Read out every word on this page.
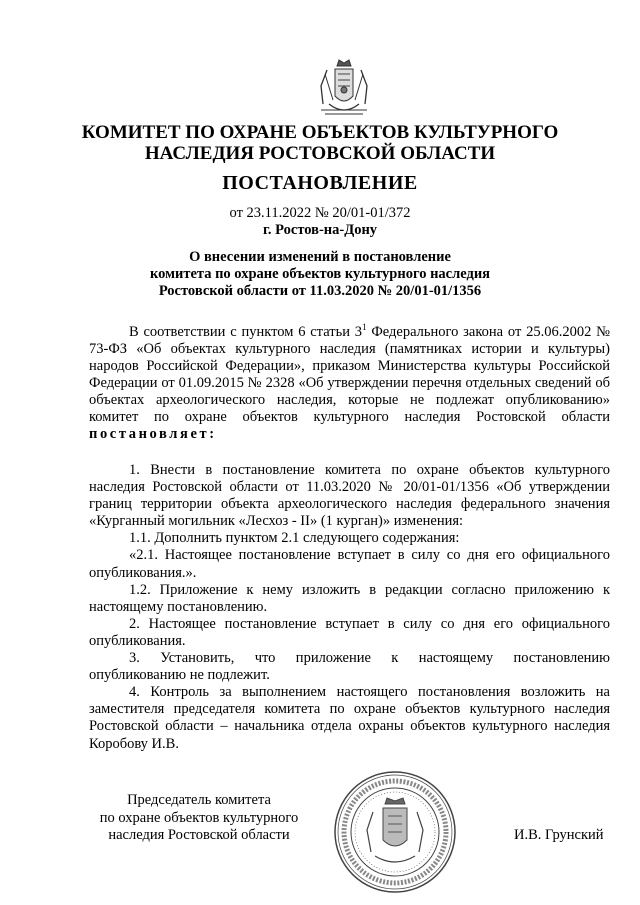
КОМИТЕТ ПО ОХРАНЕ ОБЪЕКТОВ КУЛЬТУРНОГО
НАСЛЕДИЯ РОСТОВСКОЙ ОБЛАСТИ
ПОСТАНОВЛЕНИЕ
от 23.11.2022 № 20/01-01/372
г. Ростов-на-Дону
О внесении изменений в постановление
комитета по охране объектов культурного наследия
Ростовской области от 11.03.2020 № 20/01-01/1356
В соответствии с пунктом 6 статьи $3^1$ Федерального закона от 25.06.2002 № 73-ФЗ «Об объектах культурного наследия (памятниках истории и культуры) народов Российской Федерации», приказом Министерства культуры Российской Федерации от 01.09.2015 № 2328 «Об утверждении перечня отдельных сведений об объектах археологического наследия, которые не подлежат опубликованию» комитет по охране объектов культурного наследия Ростовской области постановляет:

1. Внести в постановление комитета по охране объектов культурного наследия Ростовской области от 11.03.2020 № 20/01-01/1356 «Об утверждении границ территории объекта археологического наследия федерального значения «Курганный могильник «Лесхоз - II» (1 курган)» изменения:

1.1. Дополнить пунктом 2.1 следующего содержания:

«2.1. Настоящее постановление вступает в силу со дня его официального опубликования.».

1.2. Приложение к нему изложить в редакции согласно приложению к настоящему постановлению.

2. Настоящее постановление вступает в силу со дня его официального опубликования.

3. Установить, что приложение к настоящему постановлению опубликованию не подлежит.

4. Контроль за выполнением настоящего постановления возложить на заместителя председателя комитета по охране объектов культурного наследия Ростовской области – начальника отдела охраны объектов культурного наследия Коробову И.В.

Председатель комитета
по охране объектов культурного
наследия Ростовской области	И.В. Грунский
